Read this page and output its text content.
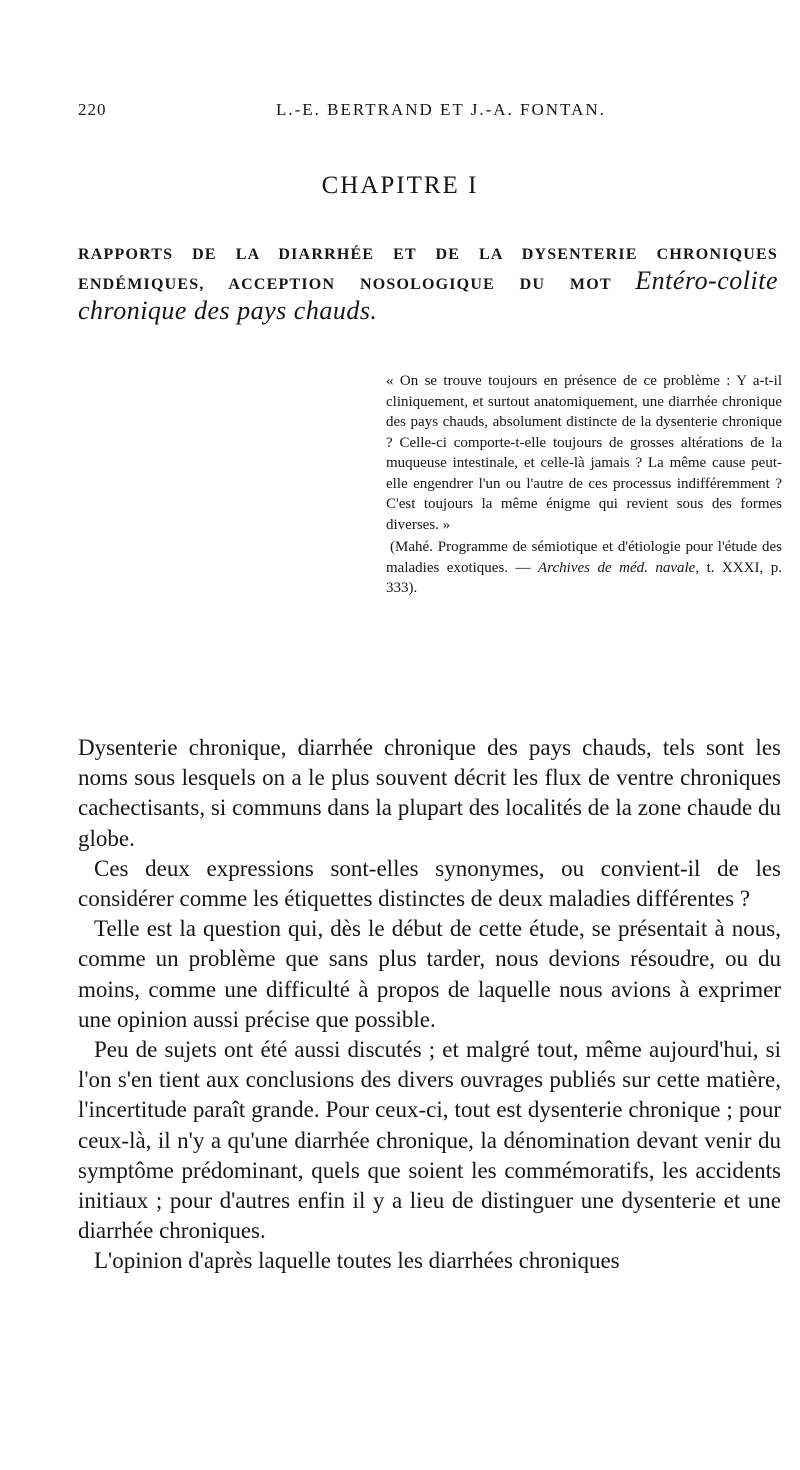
220	L.-E. BERTRAND ET J.-A. FONTAN.
CHAPITRE I
RAPPORTS DE LA DIARRHÉE ET DE LA DYSENTERIE CHRONIQUES ENDÉMIQUES, ACCEPTION NOSOLOGIQUE DU MOT Entéro-colite chronique des pays chauds.

« On se trouve toujours en présence de ce problème : Y a-t-il cliniquement, et surtout anatomiquement, une diarrhée chronique des pays chauds, absolument distincte de la dysenterie chronique ? Celle-ci comporte-t-elle toujours de grosses altérations de la muqueuse intestinale, et celle-là jamais ? La même cause peut-elle engendrer l'un ou l'autre de ces processus indifféremment ? C'est toujours la même énigme qui revient sous des formes diverses. »

(Mahé. Programme de sémiotique et d'étiologie pour l'étude des maladies exotiques. — Archives de méd. navale, t. XXXI, p. 333).

Dysenterie chronique, diarrhée chronique des pays chauds, tels sont les noms sous lesquels on a le plus souvent décrit les flux de ventre chroniques cachectisants, si communs dans la plupart des localités de la zone chaude du globe.

Ces deux expressions sont-elles synonymes, ou convient-il de les considérer comme les étiquettes distinctes de deux maladies différentes ?

Telle est la question qui, dès le début de cette étude, se présentait à nous, comme un problème que sans plus tarder, nous devions résoudre, ou du moins, comme une difficulté à propos de laquelle nous avions à exprimer une opinion aussi précise que possible.

Peu de sujets ont été aussi discutés ; et malgré tout, même aujourd'hui, si l'on s'en tient aux conclusions des divers ouvrages publiés sur cette matière, l'incertitude paraît grande. Pour ceux-ci, tout est dysenterie chronique ; pour ceux-là, il n'y a qu'une diarrhée chronique, la dénomination devant venir du symptôme prédominant, quels que soient les commémoratifs, les accidents initiaux ; pour d'autres enfin il y a lieu de distinguer une dysenterie et une diarrhée chroniques.

L'opinion d'après laquelle toutes les diarrhées chroniques
